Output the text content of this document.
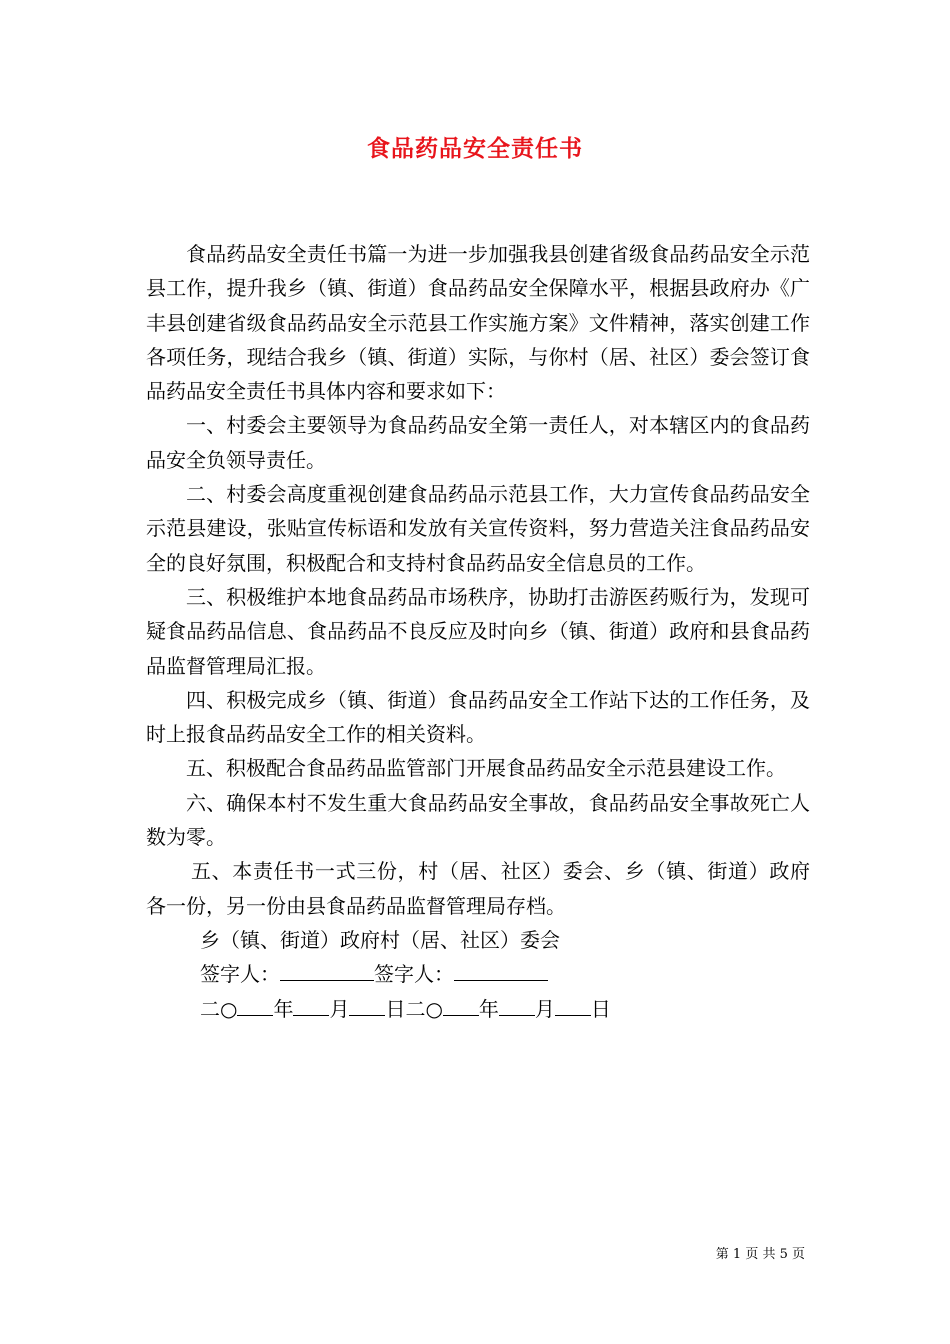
食品药品安全责任书

食品药品安全责任书篇一为进一步加强我县创建省级食品药品安全示范县工作，提升我乡（镇、街道）食品药品安全保障水平，根据县政府办《广丰县创建省级食品药品安全示范县工作实施方案》文件精神，落实创建工作各项任务，现结合我乡（镇、街道）实际，与你村（居、社区）委会签订食品药品安全责任书具体内容和要求如下：

一、村委会主要领导为食品药品安全第一责任人，对本辖区内的食品药品安全负领导责任。

二、村委会高度重视创建食品药品示范县工作，大力宣传食品药品安全示范县建设，张贴宣传标语和发放有关宣传资料，努力营造关注食品药品安全的良好氛围，积极配合和支持村食品药品安全信息员的工作。

三、积极维护本地食品药品市场秩序，协助打击游医药贩行为，发现可疑食品药品信息、食品药品不良反应及时向乡（镇、街道）政府和县食品药品监督管理局汇报。

四、积极完成乡（镇、街道）食品药品安全工作站下达的工作任务，及时上报食品药品安全工作的相关资料。

五、积极配合食品药品监管部门开展食品药品安全示范县建设工作。

六、确保本村不发生重大食品药品安全事故，食品药品安全事故死亡人数为零。

五、本责任书一式三份，村（居、社区）委会、乡（镇、街道）政府各一份，另一份由县食品药品监督管理局存档。

乡（镇、街道）政府村（居、社区）委会

签字人：	签字人：

二○ 年 月 日二○ 年 月 日

第 1 页 共 5 页
